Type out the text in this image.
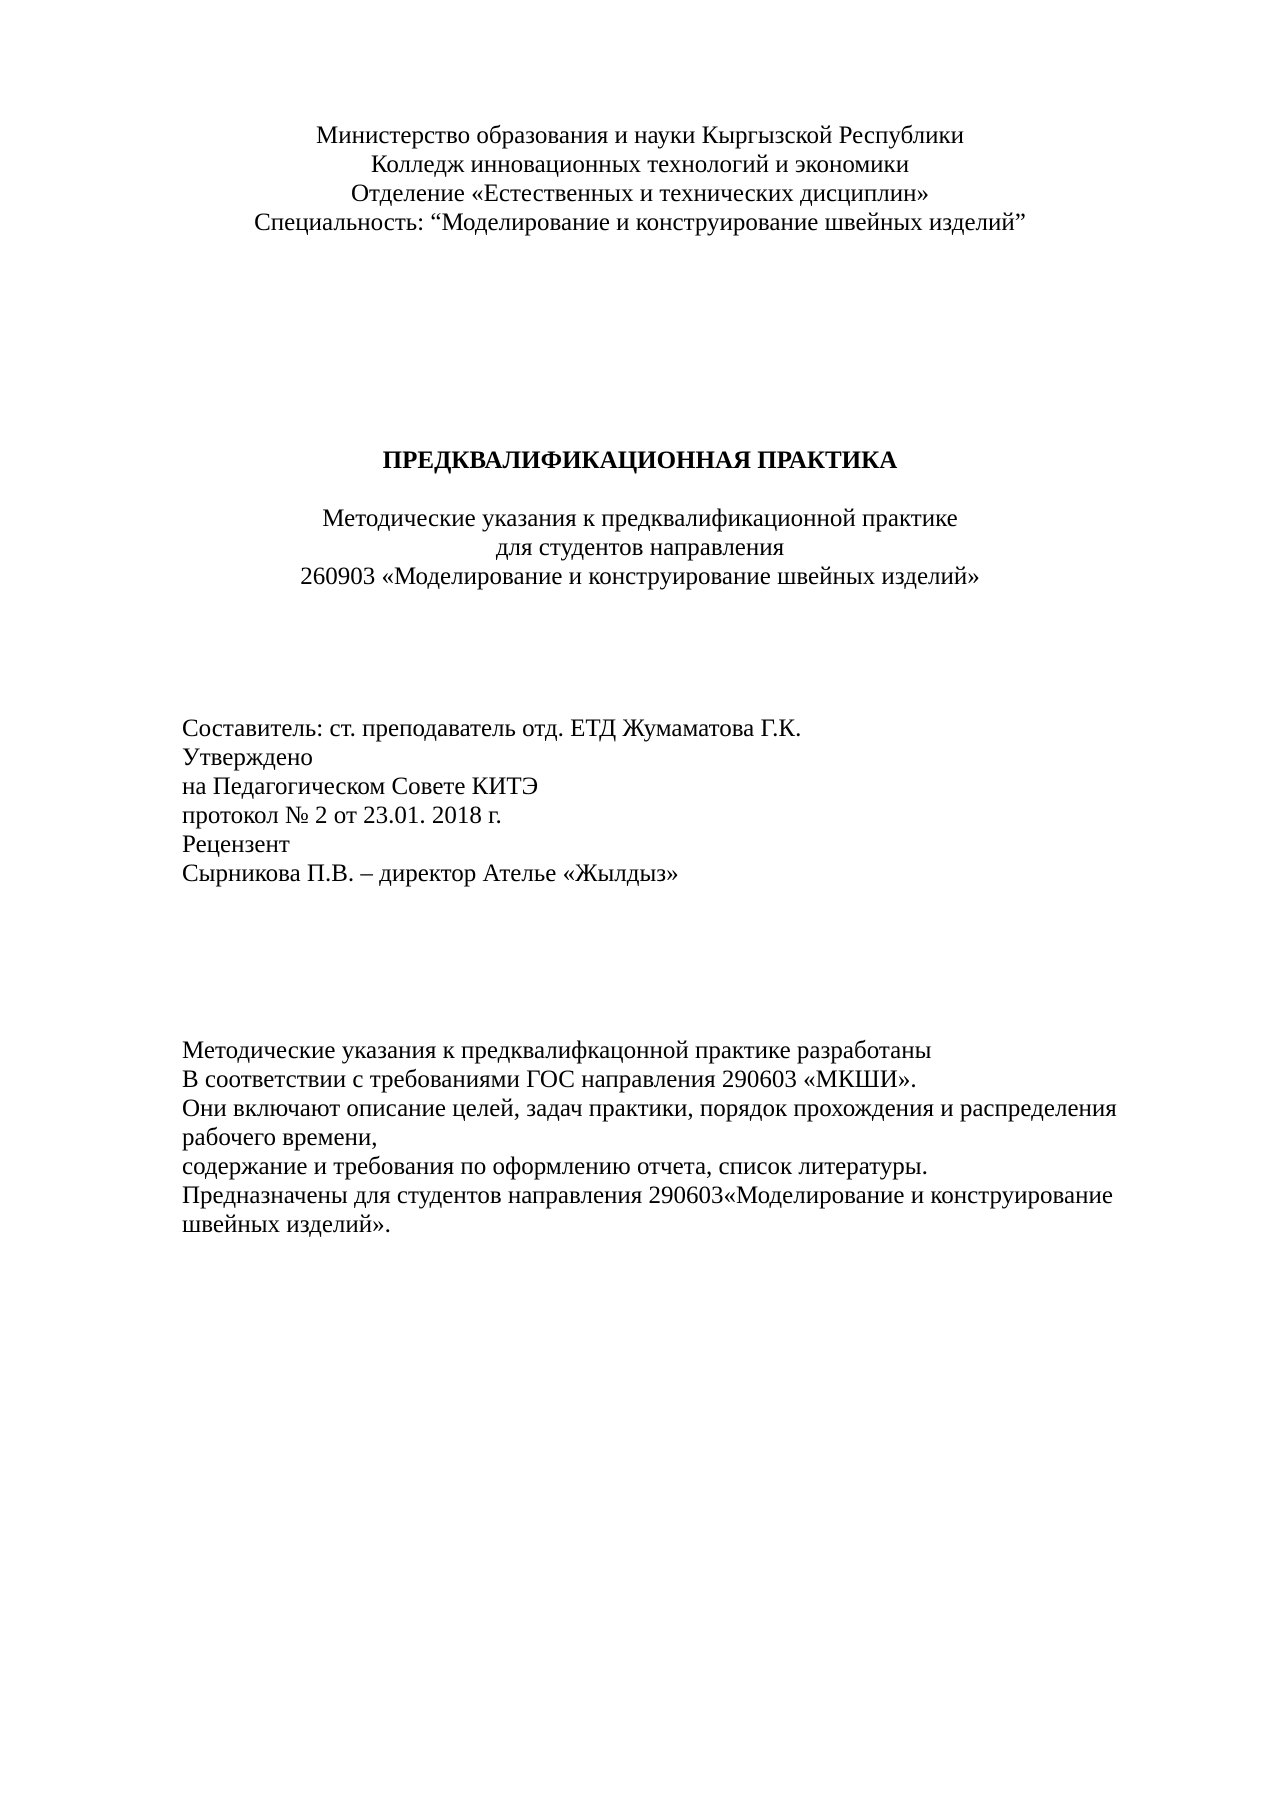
Министерство образования и науки Кыргызской Республики
Колледж инновационных технологий и экономики
Отделение «Естественных и технических дисциплин»
Специальность: “Моделирование и конструирование швейных изделий”
ПРЕДКВАЛИФИКАЦИОННАЯ ПРАКТИКА
Методические указания к предквалификационной практике
для студентов направления
260903 «Моделирование и конструирование швейных изделий»
Составитель: ст. преподаватель отд. ЕТД Жумаматова Г.К.
Утверждено
на Педагогическом Совете КИТЭ
протокол № 2 от 23.01. 2018 г.
Рецензент
Сырникова П.В. – директор Ателье «Жылдыз»
Методические указания к предквалифкацонной практике разработаны
В соответствии с требованиями ГОС направления 290603 «МКШИ».
Они включают описание целей, задач практики, порядок прохождения и распределения
рабочего времени,
содержание и требования по оформлению отчета, список литературы.
Предназначены для студентов направления 290603«Моделирование и конструирование
швейных изделий».
